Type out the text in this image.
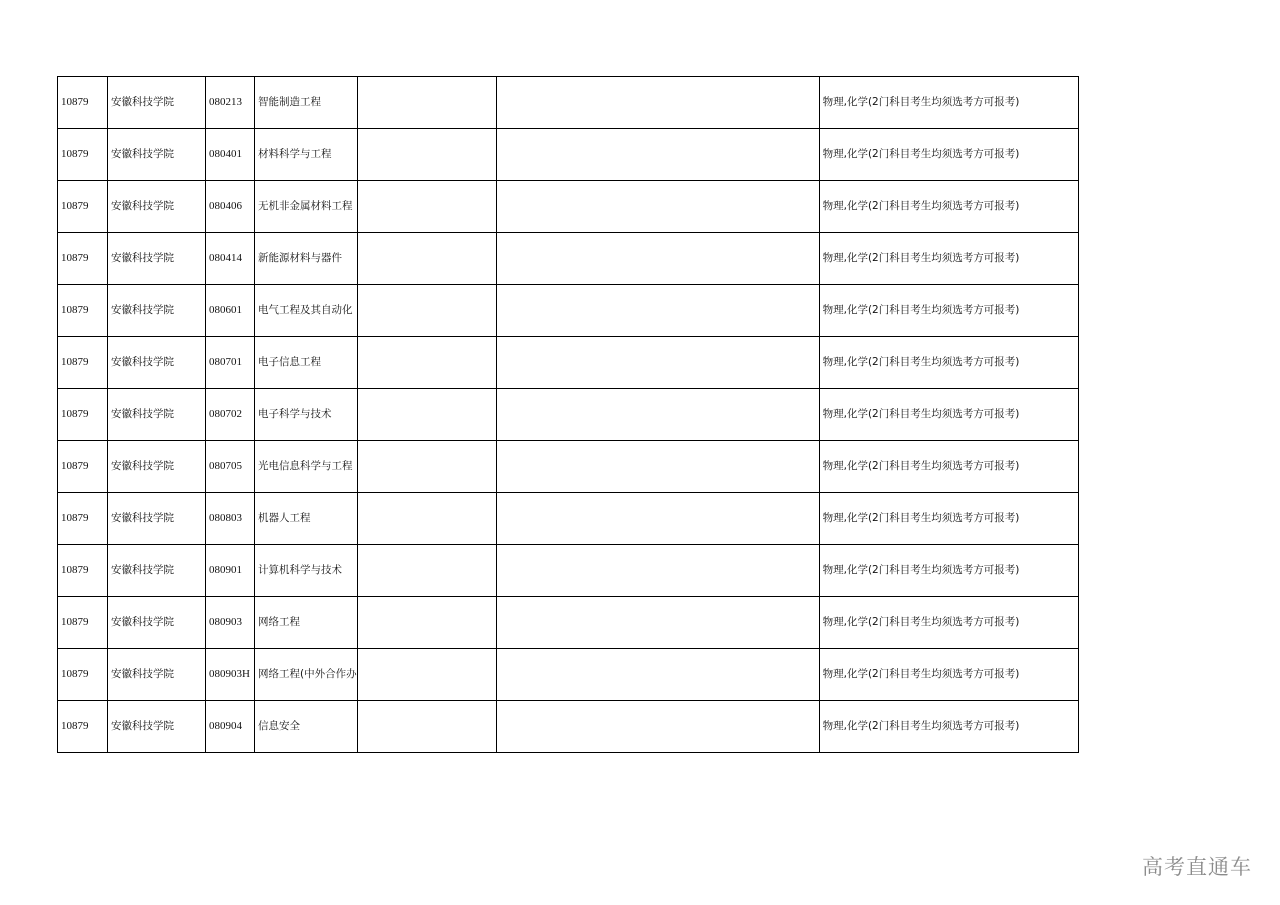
10879	安徽科技学院	080213	智能制造工程			物理,化学(2门科目考生均须选考方可报考)
10879	安徽科技学院	080401	材料科学与工程			物理,化学(2门科目考生均须选考方可报考)
10879	安徽科技学院	080406	无机非金属材料工程			物理,化学(2门科目考生均须选考方可报考)
10879	安徽科技学院	080414	新能源材料与器件			物理,化学(2门科目考生均须选考方可报考)
10879	安徽科技学院	080601	电气工程及其自动化			物理,化学(2门科目考生均须选考方可报考)
10879	安徽科技学院	080701	电子信息工程			物理,化学(2门科目考生均须选考方可报考)
10879	安徽科技学院	080702	电子科学与技术			物理,化学(2门科目考生均须选考方可报考)
10879	安徽科技学院	080705	光电信息科学与工程			物理,化学(2门科目考生均须选考方可报考)
10879	安徽科技学院	080803	机器人工程			物理,化学(2门科目考生均须选考方可报考)
10879	安徽科技学院	080901	计算机科学与技术			物理,化学(2门科目考生均须选考方可报考)
10879	安徽科技学院	080903	网络工程			物理,化学(2门科目考生均须选考方可报考)
10879	安徽科技学院	080903H	网络工程(中外合作办			物理,化学(2门科目考生均须选考方可报考)
10879	安徽科技学院	080904	信息安全			物理,化学(2门科目考生均须选考方可报考)
高考直通车
